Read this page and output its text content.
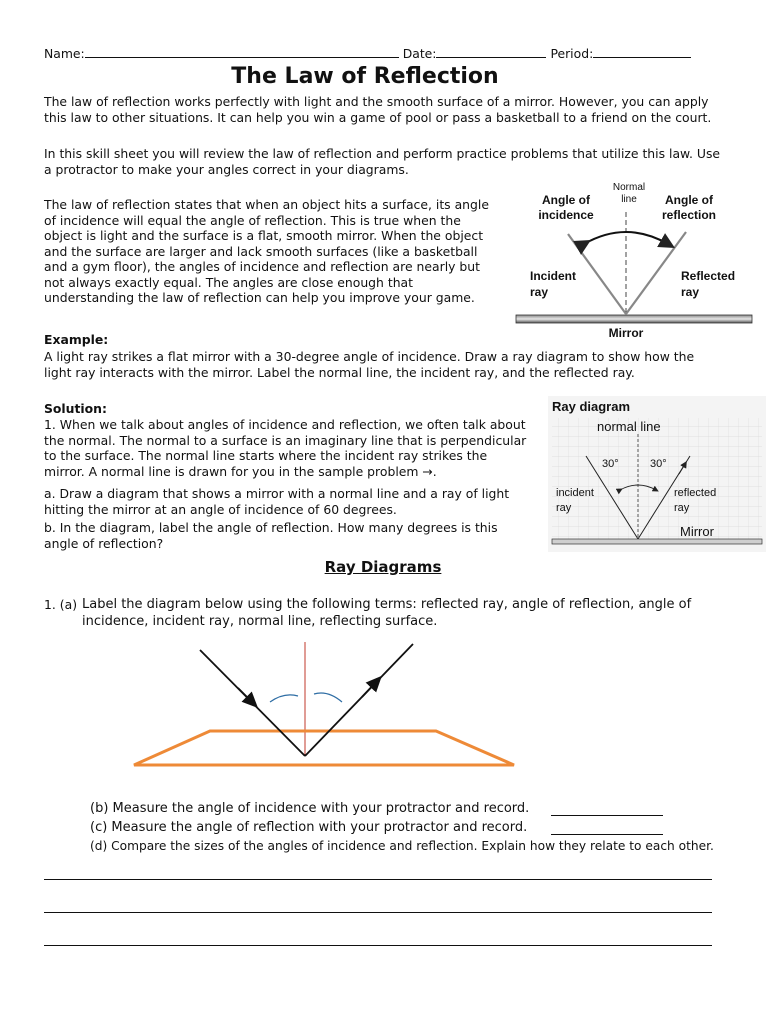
Name:	Date:	Period:
The Law of Reflection
The law of reflection works perfectly with light and the smooth surface of a mirror. However, you can apply this law to other situations. It can help you win a game of pool or pass a basketball to a friend on the court.
In this skill sheet you will review the law of reflection and perform practice problems that utilize this law. Use a protractor to make your angles correct in your diagrams.
The law of reflection states that when an object hits a surface, its angle of incidence will equal the angle of reflection. This is true when the object is light and the surface is a flat, smooth mirror. When the object and the surface are larger and lack smooth surfaces (like a basketball and a gym floor), the angles of incidence and reflection are nearly but not always exactly equal. The angles are close enough that understanding the law of reflection can help you improve your game.
Angle of incidence
Normal line	Angle of reflection
Incident ray
Reflected ray
Mirror
Example:
A light ray strikes a flat mirror with a 30-degree angle of incidence. Draw a ray diagram to show how the light ray interacts with the mirror. Label the normal line, the incident ray, and the reflected ray.
Solution:
1. When we talk about angles of incidence and reflection, we often talk about the normal. The normal to a surface is an imaginary line that is perpendicular to the surface. The normal line starts where the incident ray strikes the mirror. A normal line is drawn for you in the sample problem →.
a. Draw a diagram that shows a mirror with a normal line and a ray of light hitting the mirror at an angle of incidence of 60 degrees.
b. In the diagram, label the angle of reflection. How many degrees is this angle of reflection?
Ray diagram
normal line
30°	30°
incident ray
reflected ray
Mirror
Ray Diagrams
1. (a) Label the diagram below using the following terms: reflected ray, angle of reflection, angle of incidence, incident ray, normal line, reflecting surface.
(b) Measure the angle of incidence with your protractor and record.
(c) Measure the angle of reflection with your protractor and record.
(d) Compare the sizes of the angles of incidence and reflection. Explain how they relate to each other.
